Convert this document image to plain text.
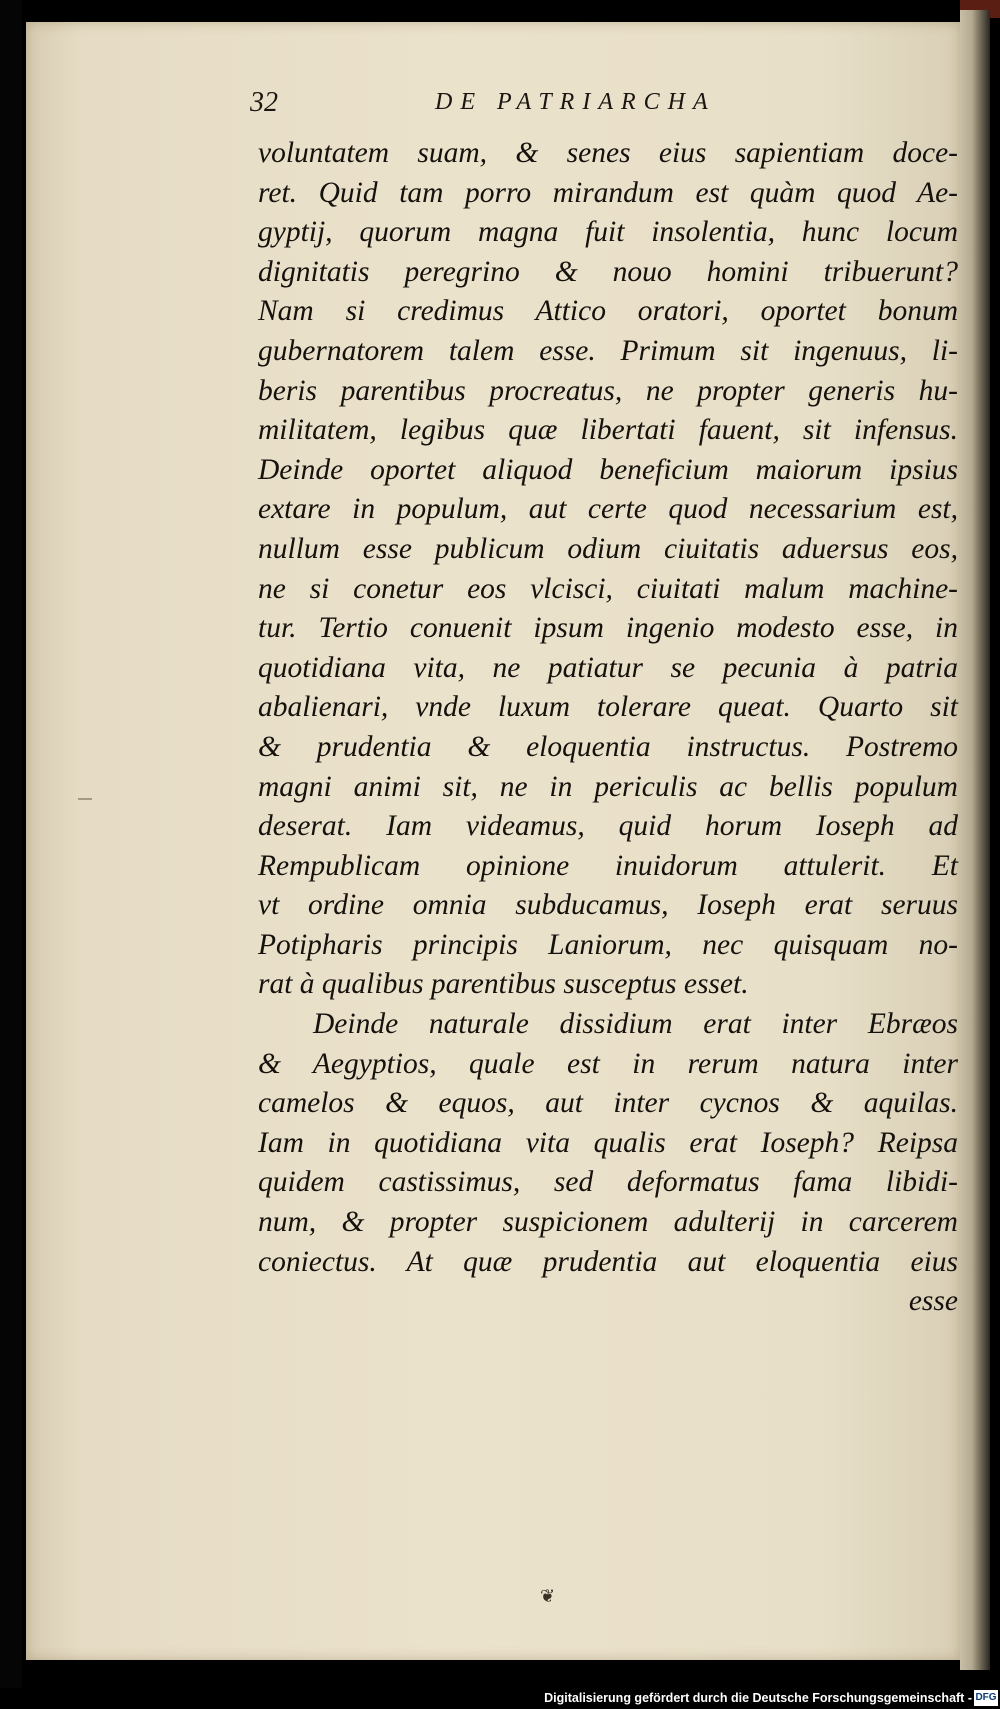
32	DE PATRIARCHA
voluntatem suam, & senes eius sapientiam doce-
ret. Quid tam porro mirandum est quàm quod Ae-
gyptij, quorum magna fuit insolentia, hunc locum
dignitatis peregrino & nouo homini tribuerunt?
Nam si credimus Attico oratori, oportet bonum
gubernatorem talem esse. Primum sit ingenuus, li-
beris parentibus procreatus, ne propter generis hu-
militatem, legibus quæ libertati fauent, sit infensus.
Deinde oportet aliquod beneficium maiorum ipsius
extare in populum, aut certe quod necessarium est,
nullum esse publicum odium ciuitatis aduersus eos,
ne si conetur eos vlcisci, ciuitati malum machine-
tur. Tertio conuenit ipsum ingenio modesto esse, in
quotidiana vita, ne patiatur se pecunia à patria
abalienari, vnde luxum tolerare queat. Quarto sit
& prudentia & eloquentia instructus. Postremo
magni animi sit, ne in periculis ac bellis populum
deserat. Iam videamus, quid horum Ioseph ad
Rempublicam opinione inuidorum attulerit. Et
vt ordine omnia subducamus, Ioseph erat seruus
Potipharis principis Laniorum, nec quisquam no-
rat à qualibus parentibus susceptus esset.
Deinde naturale dissidium erat inter Ebræos
& Aegyptios, quale est in rerum natura inter
camelos & equos, aut inter cycnos & aquilas.
Iam in quotidiana vita qualis erat Ioseph? Reipsa
quidem castissimus, sed deformatus fama libidi-
num, & propter suspicionem adulterij in carcerem
coniectus. At quæ prudentia aut eloquentia eius
esse
❦
Digitalisierung gefördert durch die Deutsche Forschungsgemeinschaft - DFG
